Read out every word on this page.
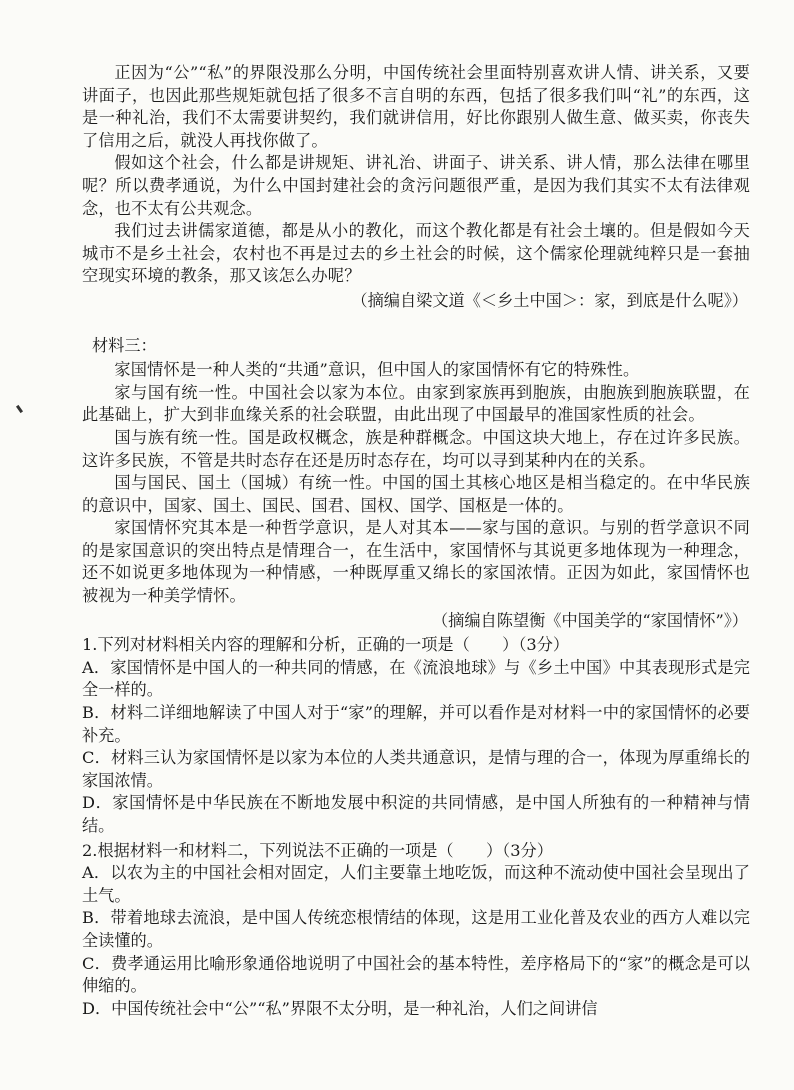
正因为“公”“私”的界限没那么分明，中国传统社会里面特别喜欢讲人情、讲关系，又要讲面子，也因此那些规矩就包括了很多不言自明的东西，包括了很多我们叫“礼”的东西，这是一种礼治，我们不太需要讲契约，我们就讲信用，好比你跟别人做生意、做买卖，你丧失了信用之后，就没人再找你做了。

假如这个社会，什么都是讲规矩、讲礼治、讲面子、讲关系、讲人情，那么法律在哪里呢？所以费孝通说，为什么中国封建社会的贪污问题很严重，是因为我们其实不太有法律观念，也不太有公共观念。

我们过去讲儒家道德，都是从小的教化，而这个教化都是有社会土壤的。但是假如今天城市不是乡土社会，农村也不再是过去的乡土社会的时候，这个儒家伦理就纯粹只是一套抽空现实环境的教条，那又该怎么办呢？

（摘编自梁文道《＜乡土中国＞：家，到底是什么呢》）

材料三：

家国情怀是一种人类的“共通”意识，但中国人的家国情怀有它的特殊性。

家与国有统一性。中国社会以家为本位。由家到家族再到胞族，由胞族到胞族联盟，在此基础上，扩大到非血缘关系的社会联盟，由此出现了中国最早的准国家性质的社会。

国与族有统一性。国是政权概念，族是种群概念。中国这块大地上，存在过许多民族。这许多民族，不管是共时态存在还是历时态存在，均可以寻到某种内在的关系。

国与国民、国土（国城）有统一性。中国的国土其核心地区是相当稳定的。在中华民族的意识中，国家、国土、国民、国君、国权、国学、国枢是一体的。

家国情怀究其本是一种哲学意识，是人对其本——家与国的意识。与别的哲学意识不同的是家国意识的突出特点是情理合一，在生活中，家国情怀与其说更多地体现为一种理念，还不如说更多地体现为一种情感，一种既厚重又绵长的家国浓情。正因为如此，家国情怀也被视为一种美学情怀。

（摘编自陈望衡《中国美学的“家国情怀”》）

1.下列对材料相关内容的理解和分析，正确的一项是（　　）（3分）

A．家国情怀是中国人的一种共同的情感，在《流浪地球》与《乡土中国》中其表现形式是完全一样的。

B．材料二详细地解读了中国人对于“家”的理解，并可以看作是对材料一中的家国情怀的必要补充。

C．材料三认为家国情怀是以家为本位的人类共通意识，是情与理的合一，体现为厚重绵长的家国浓情。

D．家国情怀是中华民族在不断地发展中积淀的共同情感，是中国人所独有的一种精神与情结。

2.根据材料一和材料二，下列说法不正确的一项是（　　）（3分）

A．以农为主的中国社会相对固定，人们主要靠土地吃饭，而这种不流动使中国社会呈现出了土气。

B．带着地球去流浪，是中国人传统恋根情结的体现，这是用工业化普及农业的西方人难以完全读懂的。

C．费孝通运用比喻形象通俗地说明了中国社会的基本特性，差序格局下的“家”的概念是可以伸缩的。

D．中国传统社会中“公”“私”界限不太分明，是一种礼治，人们之间讲信
